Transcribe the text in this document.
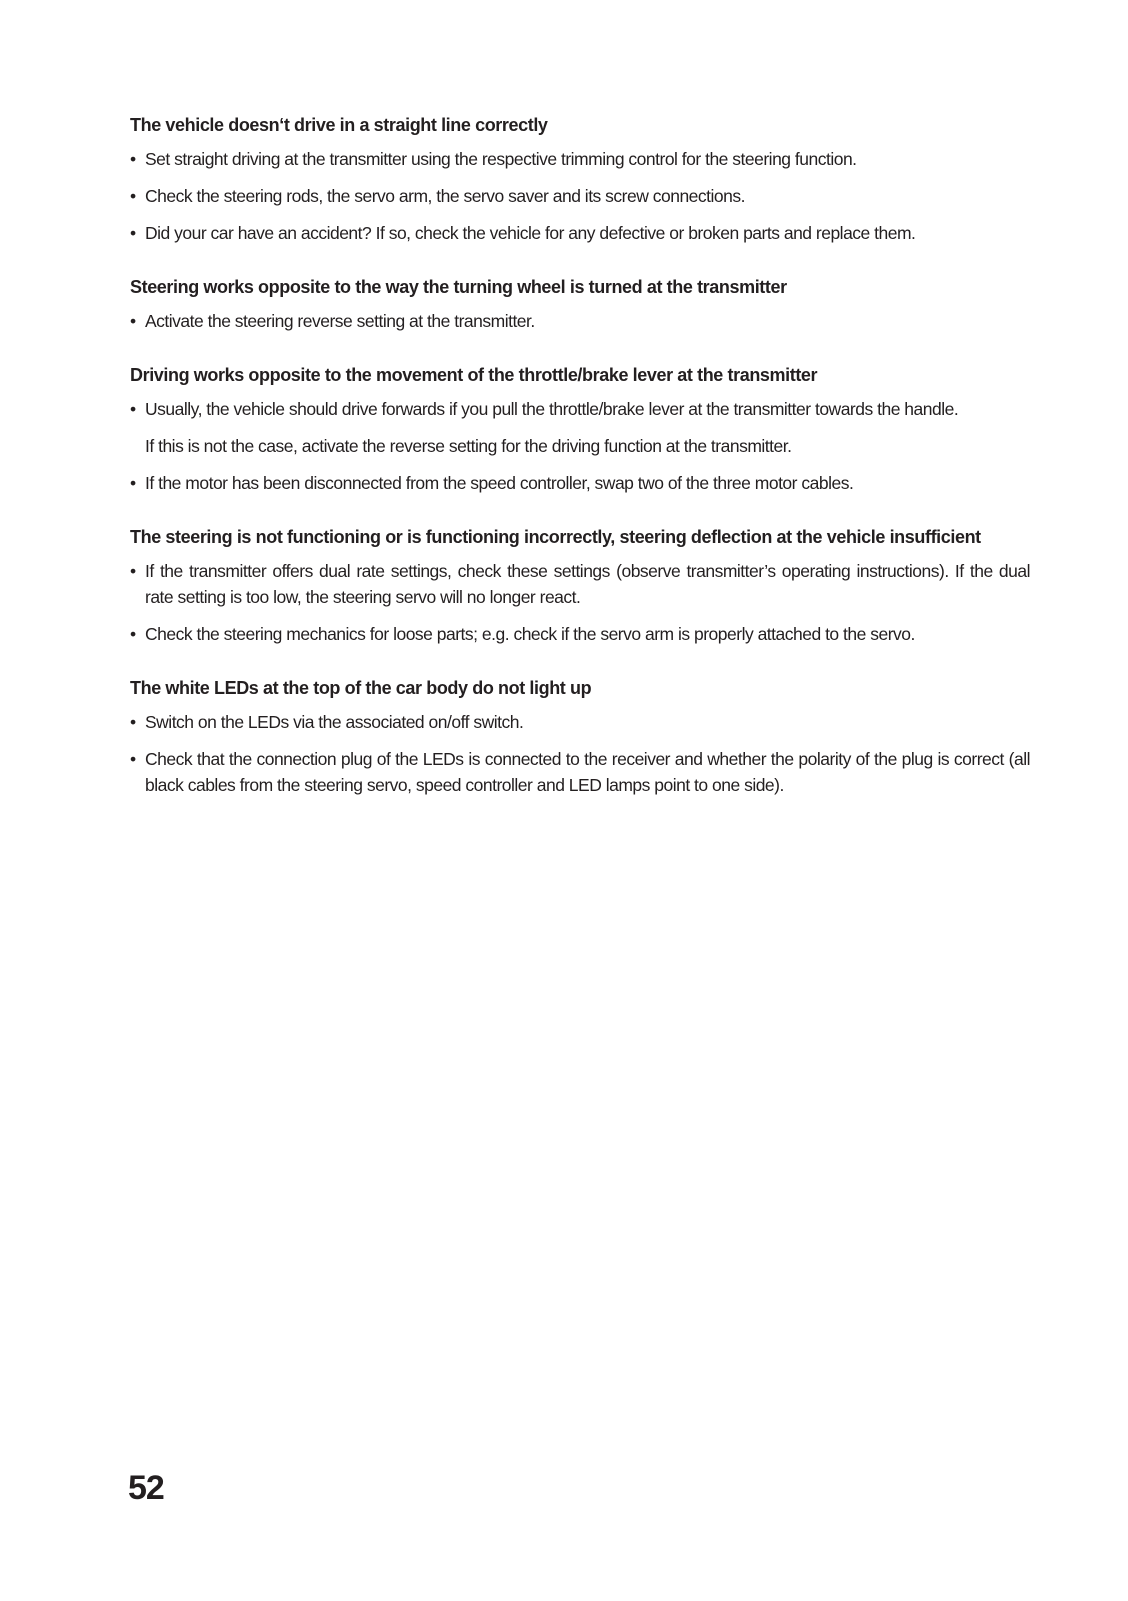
The vehicle doesn‘t drive in a straight line correctly
• Set straight driving at the transmitter using the respective trimming control for the steering function.
• Check the steering rods, the servo arm, the servo saver and its screw connections.
• Did your car have an accident? If so, check the vehicle for any defective or broken parts and replace them.
Steering works opposite to the way the turning wheel is turned at the transmitter
• Activate the steering reverse setting at the transmitter.
Driving works opposite to the movement of the throttle/brake lever at the transmitter
• Usually, the vehicle should drive forwards if you pull the throttle/brake lever at the transmitter towards the handle.
If this is not the case, activate the reverse setting for the driving function at the transmitter.
• If the motor has been disconnected from the speed controller, swap two of the three motor cables.
The steering is not functioning or is functioning incorrectly, steering deflection at the vehicle insufficient
• If the transmitter offers dual rate settings, check these settings (observe transmitter’s operating instructions). If the dual rate setting is too low, the steering servo will no longer react.
• Check the steering mechanics for loose parts; e.g. check if the servo arm is properly attached to the servo.
The white LEDs at the top of the car body do not light up
• Switch on the LEDs via the associated on/off switch.
• Check that the connection plug of the LEDs is connected to the receiver and whether the polarity of the plug is correct (all black cables from the steering servo, speed controller and LED lamps point to one side).
52
